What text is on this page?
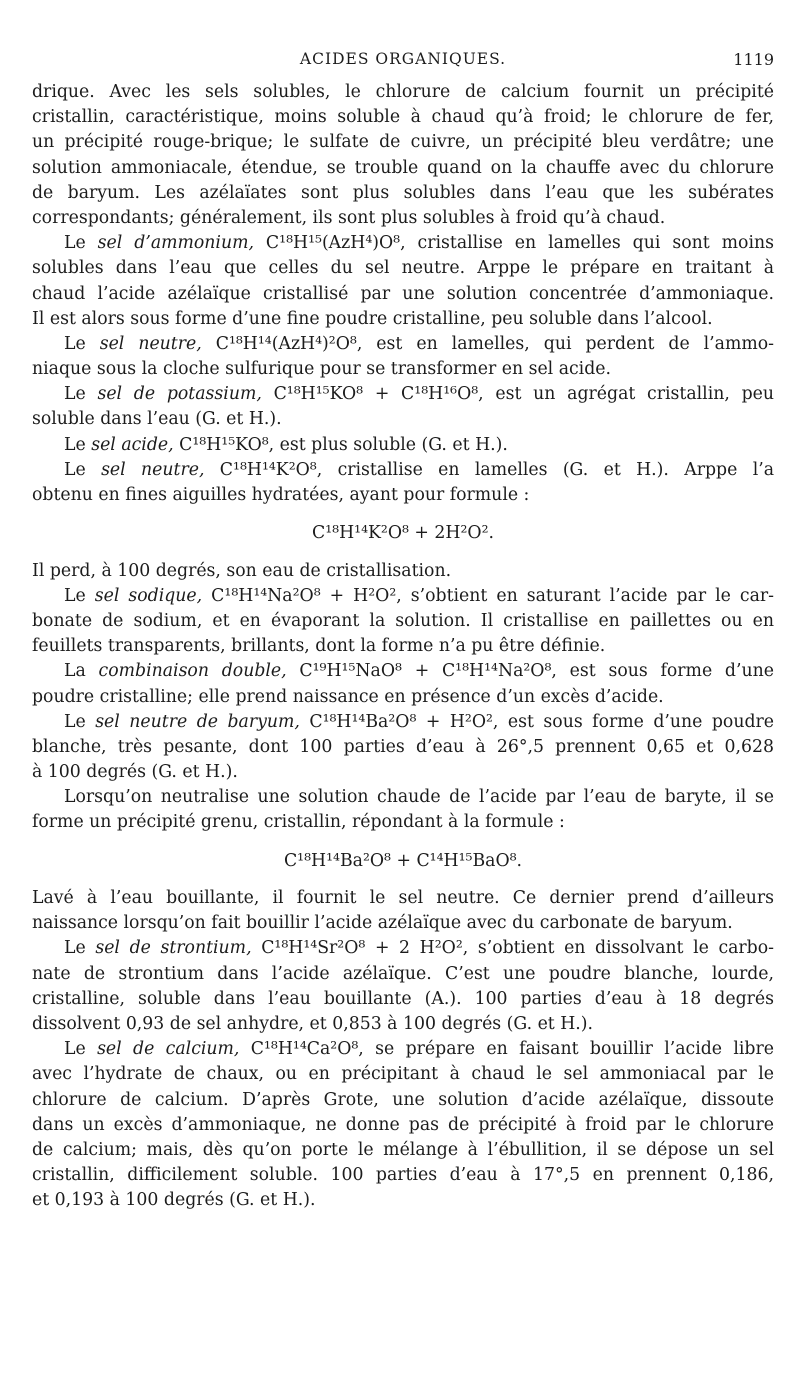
ACIDES ORGANIQUES.	1119
drique. Avec les sels solubles, le chlorure de calcium fournit un précipité
cristallin, caractéristique, moins soluble à chaud qu’à froid; le chlorure de fer,
un précipité rouge-brique; le sulfate de cuivre, un précipité bleu verdâtre; une
solution ammoniacale, étendue, se trouble quand on la chauffe avec du chlorure
de baryum. Les azélaïates sont plus solubles dans l’eau que les subérates
correspondants; généralement, ils sont plus solubles à froid qu’à chaud.
Le sel d’ammonium, C¹⁸H¹⁵(AzH⁴)O⁸, cristallise en lamelles qui sont moins
solubles dans l’eau que celles du sel neutre. Arppe le prépare en traitant à
chaud l’acide azélaïque cristallisé par une solution concentrée d’ammoniaque.
Il est alors sous forme d’une fine poudre cristalline, peu soluble dans l’alcool.
Le sel neutre, C¹⁸H¹⁴(AzH⁴)²O⁸, est en lamelles, qui perdent de l’ammo-
niaque sous la cloche sulfurique pour se transformer en sel acide.
Le sel de potassium, C¹⁸H¹⁵KO⁸ + C¹⁸H¹⁶O⁸, est un agrégat cristallin, peu
soluble dans l’eau (G. et H.).
Le sel acide, C¹⁸H¹⁵KO⁸, est plus soluble (G. et H.).
Le sel neutre, C¹⁸H¹⁴K²O⁸, cristallise en lamelles (G. et H.). Arppe l’a
obtenu en fines aiguilles hydratées, ayant pour formule :
C¹⁸H¹⁴K²O⁸ + 2H²O².
Il perd, à 100 degrés, son eau de cristallisation.
Le sel sodique, C¹⁸H¹⁴Na²O⁸ + H²O², s’obtient en saturant l’acide par le car-
bonate de sodium, et en évaporant la solution. Il cristallise en paillettes ou en
feuillets transparents, brillants, dont la forme n’a pu être définie.
La combinaison double, C¹⁹H¹⁵NaO⁸ + C¹⁸H¹⁴Na²O⁸, est sous forme d’une
poudre cristalline; elle prend naissance en présence d’un excès d’acide.
Le sel neutre de baryum, C¹⁸H¹⁴Ba²O⁸ + H²O², est sous forme d’une poudre
blanche, très pesante, dont 100 parties d’eau à 26°,5 prennent 0,65 et 0,628
à 100 degrés (G. et H.).
Lorsqu’on neutralise une solution chaude de l’acide par l’eau de baryte, il se
forme un précipité grenu, cristallin, répondant à la formule :
C¹⁸H¹⁴Ba²O⁸ + C¹⁴H¹⁵BaO⁸.
Lavé à l’eau bouillante, il fournit le sel neutre. Ce dernier prend d’ailleurs
naissance lorsqu’on fait bouillir l’acide azélaïque avec du carbonate de baryum.
Le sel de strontium, C¹⁸H¹⁴Sr²O⁸ + 2 H²O², s’obtient en dissolvant le carbo-
nate de strontium dans l’acide azélaïque. C’est une poudre blanche, lourde,
cristalline, soluble dans l’eau bouillante (A.). 100 parties d’eau à 18 degrés
dissolvent 0,93 de sel anhydre, et 0,853 à 100 degrés (G. et H.).
Le sel de calcium, C¹⁸H¹⁴Ca²O⁸, se prépare en faisant bouillir l’acide libre
avec l’hydrate de chaux, ou en précipitant à chaud le sel ammoniacal par le
chlorure de calcium. D’après Grote, une solution d’acide azélaïque, dissoute
dans un excès d’ammoniaque, ne donne pas de précipité à froid par le chlorure
de calcium; mais, dès qu’on porte le mélange à l’ébullition, il se dépose un sel
cristallin, difficilement soluble. 100 parties d’eau à 17°,5 en prennent 0,186,
et 0,193 à 100 degrés (G. et H.).
